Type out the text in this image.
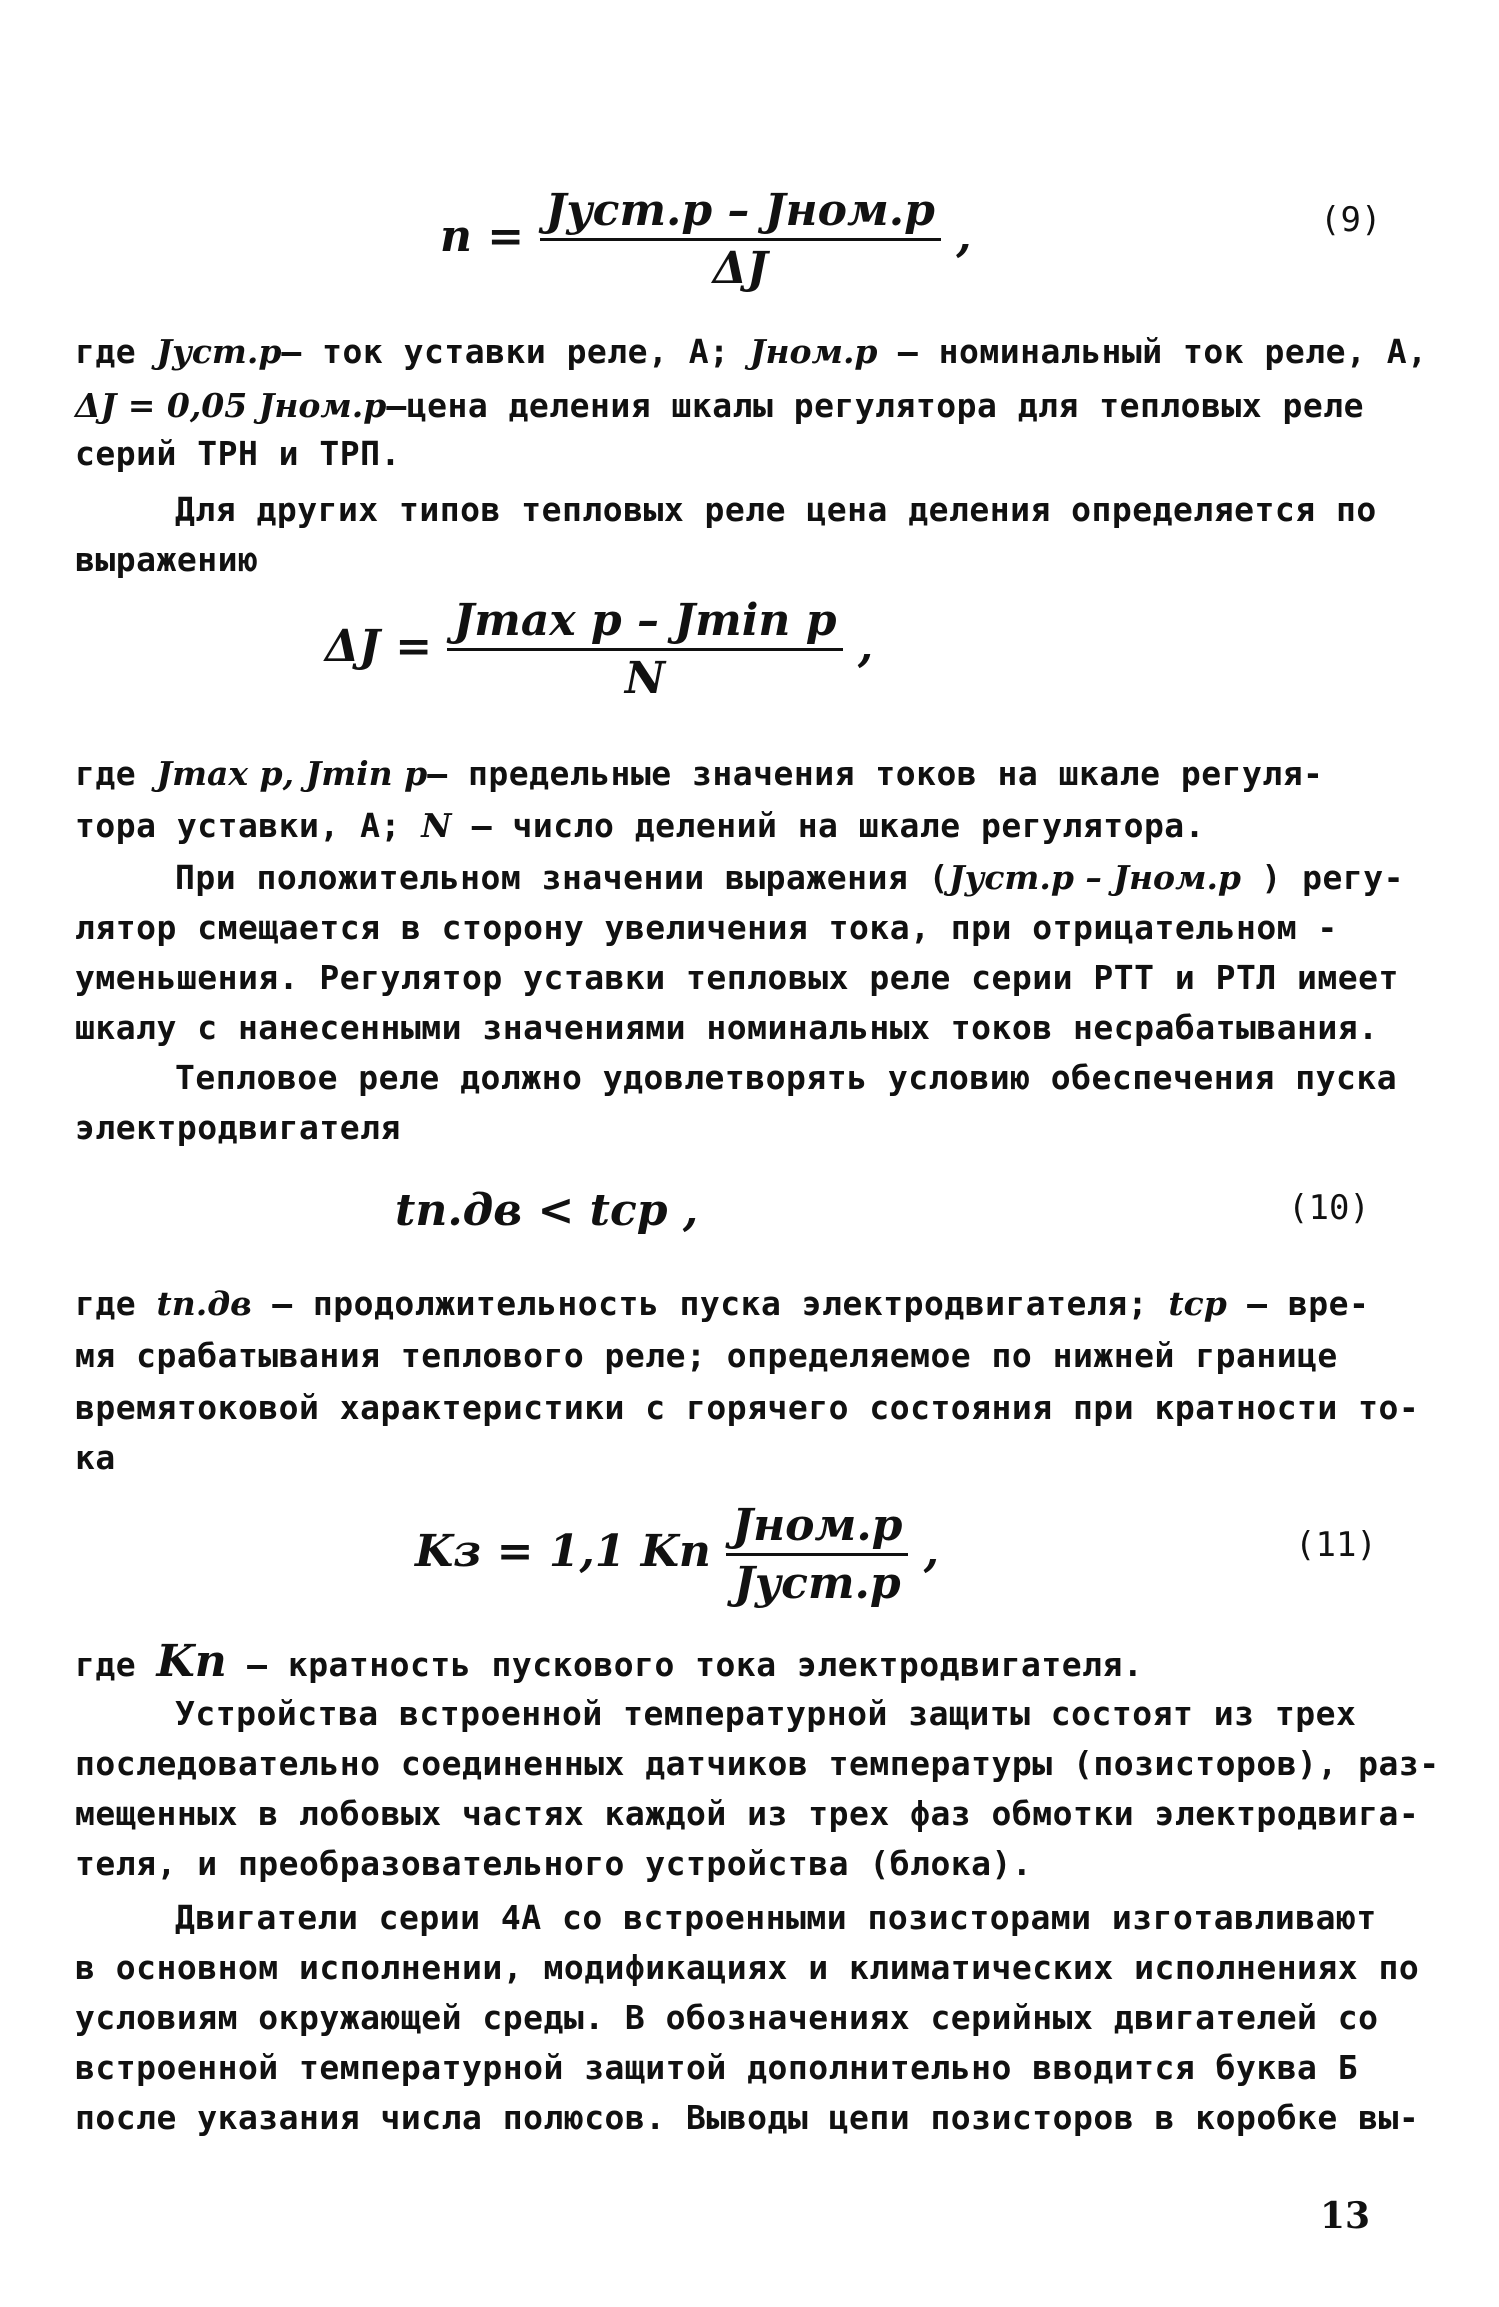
$n = \frac{\text{Jуст.р – Jном.р}}{\Delta J}$ ,	(9)
где Jуст.р– ток уставки реле, А; Jном.р – номинальный ток реле, А,
ΔJ = 0,05 Jном.р–цена деления шкалы регулятора для тепловых реле
серий ТРН и ТРП.
Для других типов тепловых реле цена деления определяется по
выражению
$\Delta J = \frac{\text{Jmax р – Jmin р}}{N}$ ,
где Jmax р, Jmin р– предельные значения токов на шкале регуля-
тора уставки, А; N – число делений на шкале регулятора.
При положительном значении выражения (Jуст.р – Jном.р ) регу-
лятор смещается в сторону увеличения тока, при отрицательном -
уменьшения. Регулятор уставки тепловых реле серии РТТ и РТЛ имеет
шкалу с нанесенными значениями номинальных токов несрабатывания.
Тепловое реле должно удовлетворять условию обеспечения пуска
электродвигателя
tп.дв < tср ,	(10)
где tп.дв – продолжительность пуска электродвигателя; tср – вре-
мя срабатывания теплового реле; определяемое по нижней границе
времятоковой характеристики с горячего состояния при кратности то-
ка
Kз = 1,1 Kп $\frac{\text{Jном.р}}{\text{Jуст.р}}$ ,	(11)
где Kп – кратность пускового тока электродвигателя.
Устройства встроенной температурной защиты состоят из трех
последовательно соединенных датчиков температуры (позисторов), раз-
мещенных в лобовых частях каждой из трех фаз обмотки электродвига-
теля, и преобразовательного устройства (блока).
Двигатели серии 4А со встроенными позисторами изготавливают
в основном исполнении, модификациях и климатических исполнениях по
условиям окружающей среды. В обозначениях серийных двигателей со
встроенной температурной защитой дополнительно вводится буква Б
после указания числа полюсов. Выводы цепи позисторов в коробке вы-
13
